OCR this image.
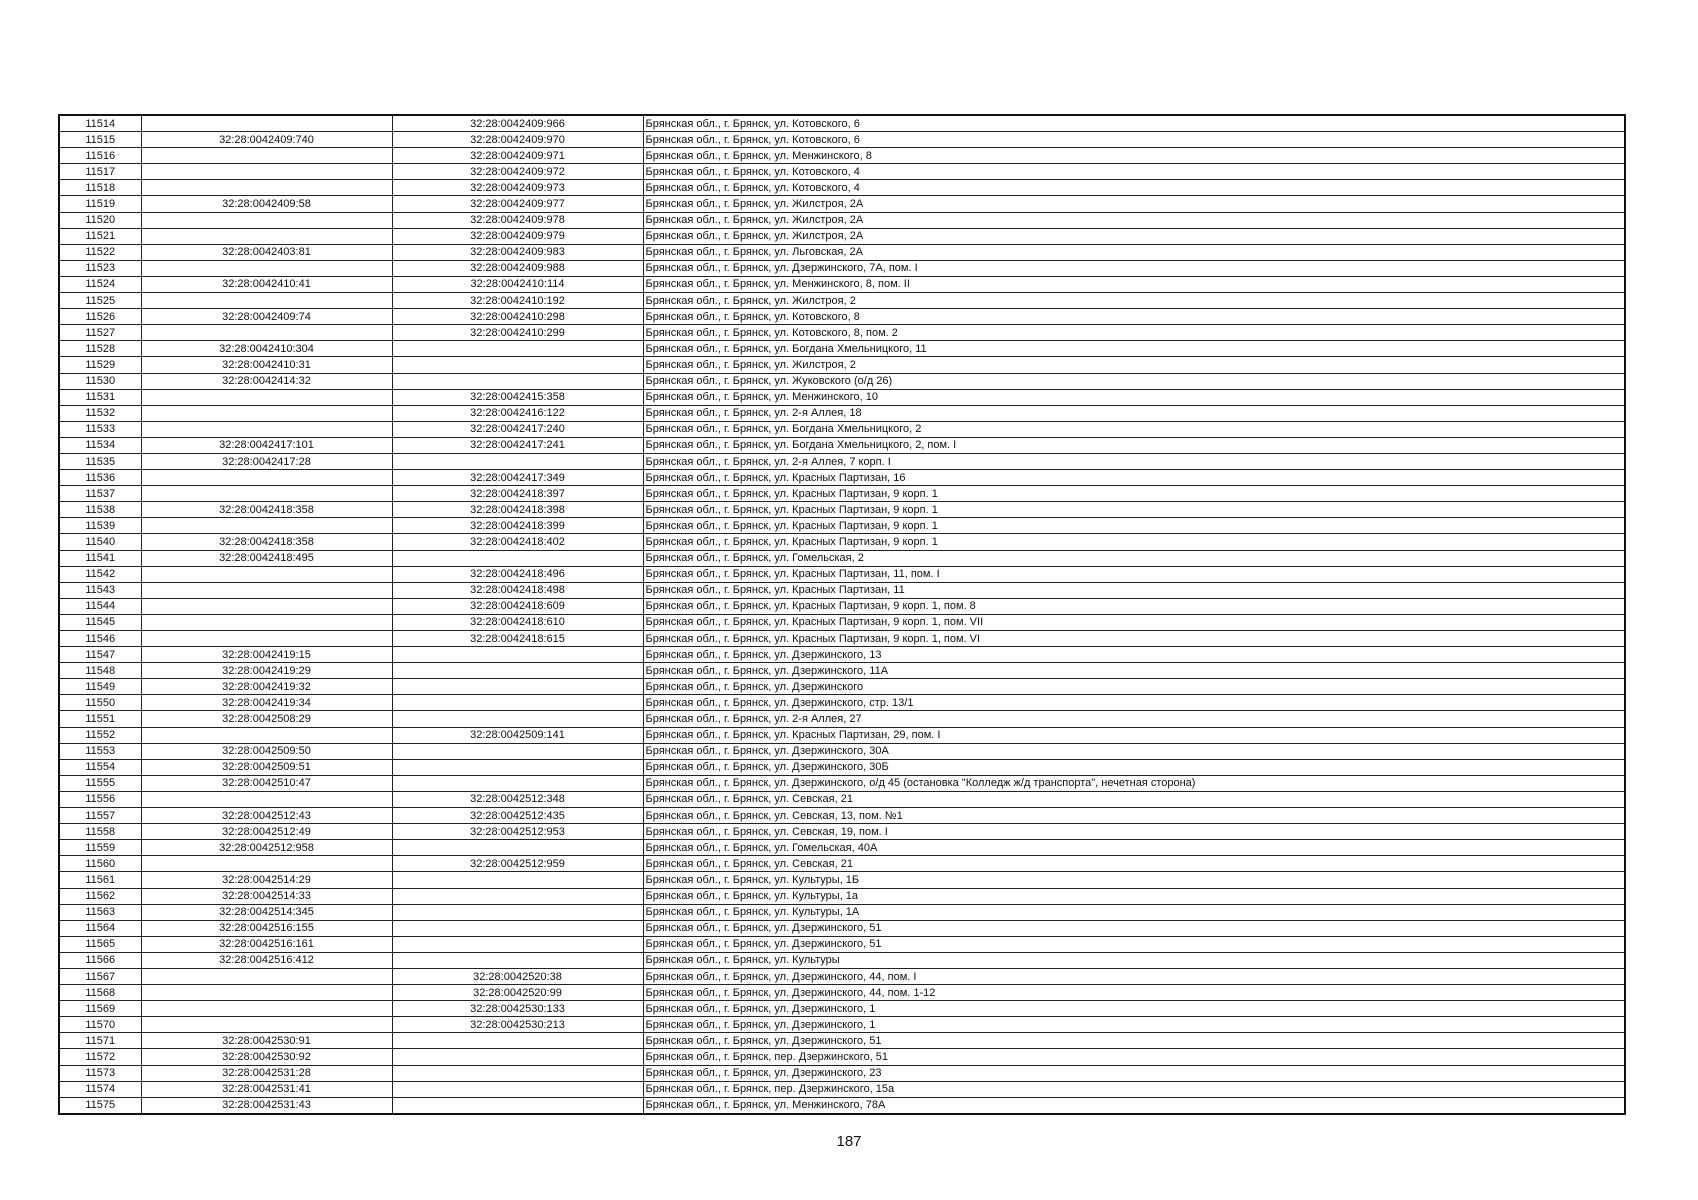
11514		32:28:0042409:966	Брянская обл., г. Брянск, ул. Котовского, 6
11515	32:28:0042409:740	32:28:0042409:970	Брянская обл., г. Брянск, ул. Котовского, 6
11516		32:28:0042409:971	Брянская обл., г. Брянск, ул. Менжинского, 8
11517		32:28:0042409:972	Брянская обл., г. Брянск, ул. Котовского, 4
11518		32:28:0042409:973	Брянская обл., г. Брянск, ул. Котовского, 4
11519	32:28:0042409:58	32:28:0042409:977	Брянская обл., г. Брянск, ул. Жилстроя, 2А
11520		32:28:0042409:978	Брянская обл., г. Брянск, ул. Жилстроя, 2А
11521		32:28:0042409:979	Брянская обл., г. Брянск, ул. Жилстроя, 2А
11522	32:28:0042403:81	32:28:0042409:983	Брянская обл., г. Брянск, ул. Льговская, 2А
11523		32:28:0042409:988	Брянская обл., г. Брянск, ул. Дзержинского, 7А, пом. I
11524	32:28:0042410:41	32:28:0042410:114	Брянская обл., г. Брянск, ул. Менжинского, 8, пом. II
11525		32:28:0042410:192	Брянская обл., г. Брянск, ул. Жилстроя, 2
11526	32:28:0042409:74	32:28:0042410:298	Брянская обл., г. Брянск, ул. Котовского, 8
11527		32:28:0042410:299	Брянская обл., г. Брянск, ул. Котовского, 8, пом. 2
11528	32:28:0042410:304		Брянская обл., г. Брянск, ул. Богдана Хмельницкого, 11
11529	32:28:0042410:31		Брянская обл., г. Брянск, ул. Жилстроя, 2
11530	32:28:0042414:32		Брянская обл., г. Брянск, ул. Жуковского (о/д 26)
11531		32:28:0042415:358	Брянская обл., г. Брянск, ул. Менжинского, 10
11532		32:28:0042416:122	Брянская обл., г. Брянск, ул. 2-я Аллея, 18
11533		32:28:0042417:240	Брянская обл., г. Брянск, ул. Богдана Хмельницкого, 2
11534	32:28:0042417:101	32:28:0042417:241	Брянская обл., г. Брянск, ул. Богдана Хмельницкого, 2, пом. I
11535	32:28:0042417:28		Брянская обл., г. Брянск, ул. 2-я Аллея, 7 корп. I
11536		32:28:0042417:349	Брянская обл., г. Брянск, ул. Красных Партизан, 16
11537		32:28:0042418:397	Брянская обл., г. Брянск, ул. Красных Партизан, 9 корп. 1
11538	32:28:0042418:358	32:28:0042418:398	Брянская обл., г. Брянск, ул. Красных Партизан, 9 корп. 1
11539		32:28:0042418:399	Брянская обл., г. Брянск, ул. Красных Партизан, 9 корп. 1
11540	32:28:0042418:358	32:28:0042418:402	Брянская обл., г. Брянск, ул. Красных Партизан, 9 корп. 1
11541	32:28:0042418:495		Брянская обл., г. Брянск, ул. Гомельская, 2
11542		32:28:0042418:496	Брянская обл., г. Брянск, ул. Красных Партизан, 11, пом. I
11543		32:28:0042418:498	Брянская обл., г. Брянск, ул. Красных Партизан, 11
11544		32:28:0042418:609	Брянская обл., г. Брянск, ул. Красных Партизан, 9 корп. 1, пом. 8
11545		32:28:0042418:610	Брянская обл., г. Брянск, ул. Красных Партизан, 9 корп. 1, пом. VII
11546		32:28:0042418:615	Брянская обл., г. Брянск, ул. Красных Партизан, 9 корп. 1, пом. VI
11547	32:28:0042419:15		Брянская обл., г. Брянск, ул. Дзержинского, 13
11548	32:28:0042419:29		Брянская обл., г. Брянск, ул. Дзержинского, 11А
11549	32:28:0042419:32		Брянская обл., г. Брянск, ул. Дзержинского
11550	32:28:0042419:34		Брянская обл., г. Брянск, ул. Дзержинского, стр. 13/1
11551	32:28:0042508:29		Брянская обл., г. Брянск, ул. 2-я Аллея, 27
11552		32:28:0042509:141	Брянская обл., г. Брянск, ул. Красных Партизан, 29, пом. I
11553	32:28:0042509:50		Брянская обл., г. Брянск, ул. Дзержинского, 30А
11554	32:28:0042509:51		Брянская обл., г. Брянск, ул. Дзержинского, 30Б
11555	32:28:0042510:47		Брянская обл., г. Брянск, ул. Дзержинского, о/д 45 (остановка "Колледж ж/д транспорта", нечетная сторона)
11556		32:28:0042512:348	Брянская обл., г. Брянск, ул. Севская, 21
11557	32:28:0042512:43	32:28:0042512:435	Брянская обл., г. Брянск, ул. Севская, 13, пом. №1
11558	32:28:0042512:49	32:28:0042512:953	Брянская обл., г. Брянск, ул. Севская, 19, пом. I
11559	32:28:0042512:958		Брянская обл., г. Брянск, ул. Гомельская, 40А
11560		32:28:0042512:959	Брянская обл., г. Брянск, ул. Севская, 21
11561	32:28:0042514:29		Брянская обл., г. Брянск, ул. Культуры, 1Б
11562	32:28:0042514:33		Брянская обл., г. Брянск, ул. Культуры, 1а
11563	32:28:0042514:345		Брянская обл., г. Брянск, ул. Культуры, 1А
11564	32:28:0042516:155		Брянская обл., г. Брянск, ул. Дзержинского, 51
11565	32:28:0042516:161		Брянская обл., г. Брянск, ул. Дзержинского, 51
11566	32:28:0042516:412		Брянская обл., г. Брянск, ул. Культуры
11567		32:28:0042520:38	Брянская обл., г. Брянск, ул. Дзержинского, 44, пом. I
11568		32:28:0042520:99	Брянская обл., г. Брянск, ул. Дзержинского, 44, пом. 1-12
11569		32:28:0042530:133	Брянская обл., г. Брянск, ул. Дзержинского, 1
11570		32:28:0042530:213	Брянская обл., г. Брянск, ул. Дзержинского, 1
11571	32:28:0042530:91		Брянская обл., г. Брянск, ул. Дзержинского, 51
11572	32:28:0042530:92		Брянская обл., г. Брянск, пер. Дзержинского, 51
11573	32:28:0042531:28		Брянская обл., г. Брянск, ул. Дзержинского, 23
11574	32:28:0042531:41		Брянская обл., г. Брянск, пер. Дзержинского, 15а
11575	32:28:0042531:43		Брянская обл., г. Брянск, ул. Менжинского, 78А
187
